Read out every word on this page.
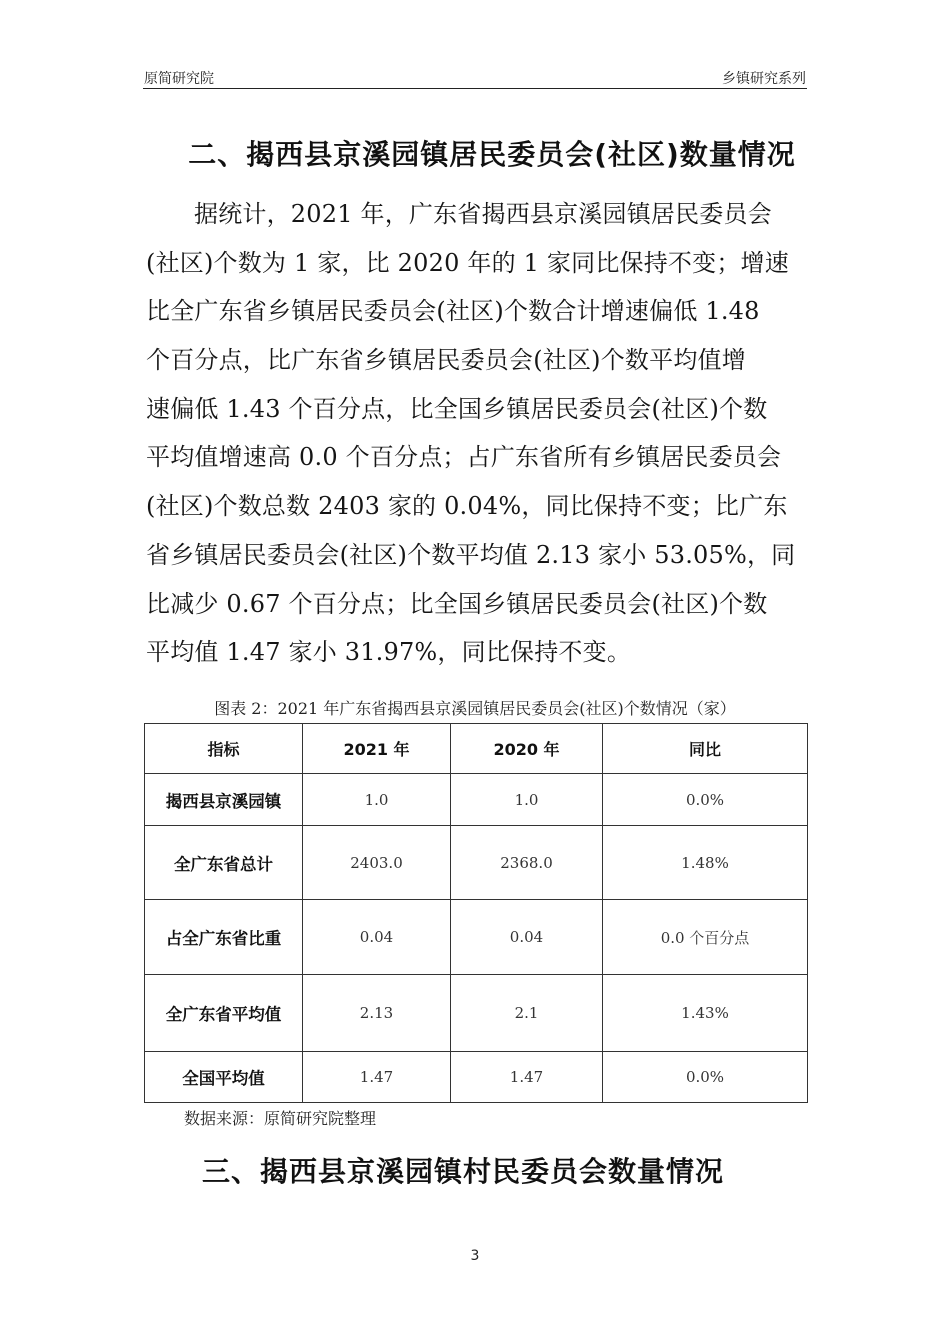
原简研究院	乡镇研究系列
二、揭西县京溪园镇居民委员会(社区)数量情况
据统计，2021 年，广东省揭西县京溪园镇居民委员会
(社区)个数为 1 家，比 2020 年的 1 家同比保持不变；增速
比全广东省乡镇居民委员会(社区)个数合计增速偏低 1.48
个百分点，比广东省乡镇居民委员会(社区)个数平均值增
速偏低 1.43 个百分点，比全国乡镇居民委员会(社区)个数
平均值增速高 0.0 个百分点；占广东省所有乡镇居民委员会
(社区)个数总数 2403 家的 0.04%，同比保持不变；比广东
省乡镇居民委员会(社区)个数平均值 2.13 家小 53.05%，同
比减少 0.67 个百分点；比全国乡镇居民委员会(社区)个数
平均值 1.47 家小 31.97%，同比保持不变。
图表 2：2021 年广东省揭西县京溪园镇居民委员会(社区)个数情况（家）
指标	2021 年	2020 年	同比
揭西县京溪园镇	1.0	1.0	0.0%
全广东省总计	2403.0	2368.0	1.48%
占全广东省比重	0.04	0.04	0.0 个百分点
全广东省平均值	2.13	2.1	1.43%
全国平均值	1.47	1.47	0.0%
数据来源：原简研究院整理
三、揭西县京溪园镇村民委员会数量情况
3
